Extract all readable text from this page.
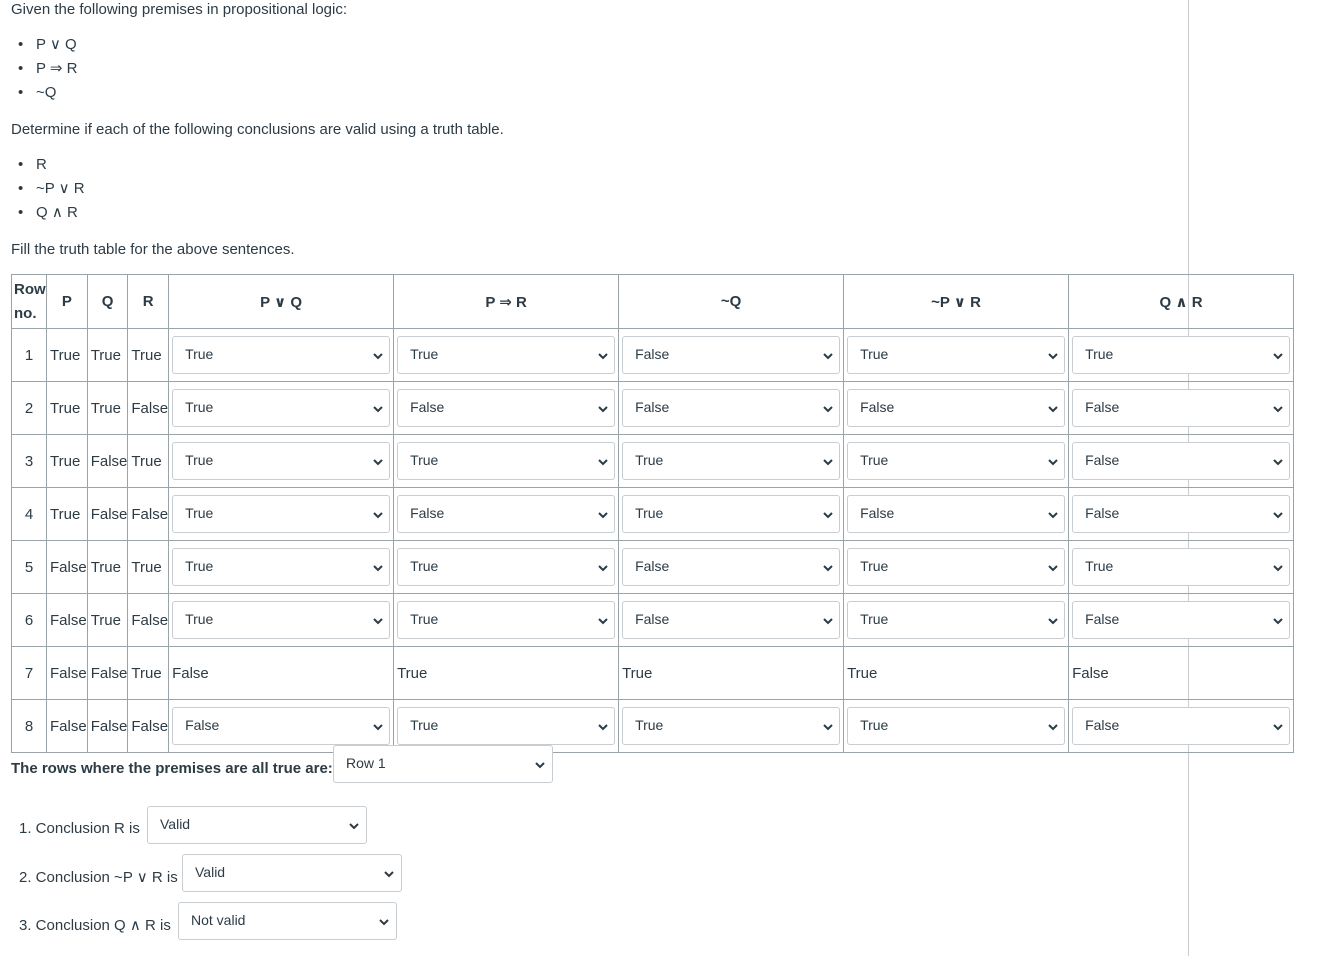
Given the following premises in propositional logic:
• P ∨ Q
• P ⇒ R
• ~Q
Determine if each of the following conclusions are valid using a truth table.
• R
• ~P ∨ R
• Q ∧ R
Fill the truth table for the above sentences.
Row no.	P	Q	R	P ∨ Q	P ⇒ R	~Q	~P ∨ R	Q ∧ R
1	True	True	True	True	True	False	True	True

2	True	True	False	True	False	False	False	False

3	True	False	True	True	True	True	True	False

4	True	False	False	True	False	True	False	False

5	False	True	True	True	True	False	True	True

6	False	True	False	True	True	False	True	False

7	False	False	True	False	True	True	True	False
8	False	False	False	False	True	True	True	False
The rows where the premises are all true are: Row 1
1. Conclusion R is Valid
2. Conclusion ~P ∨ R is Valid
3. Conclusion Q ∧ R is Not valid
